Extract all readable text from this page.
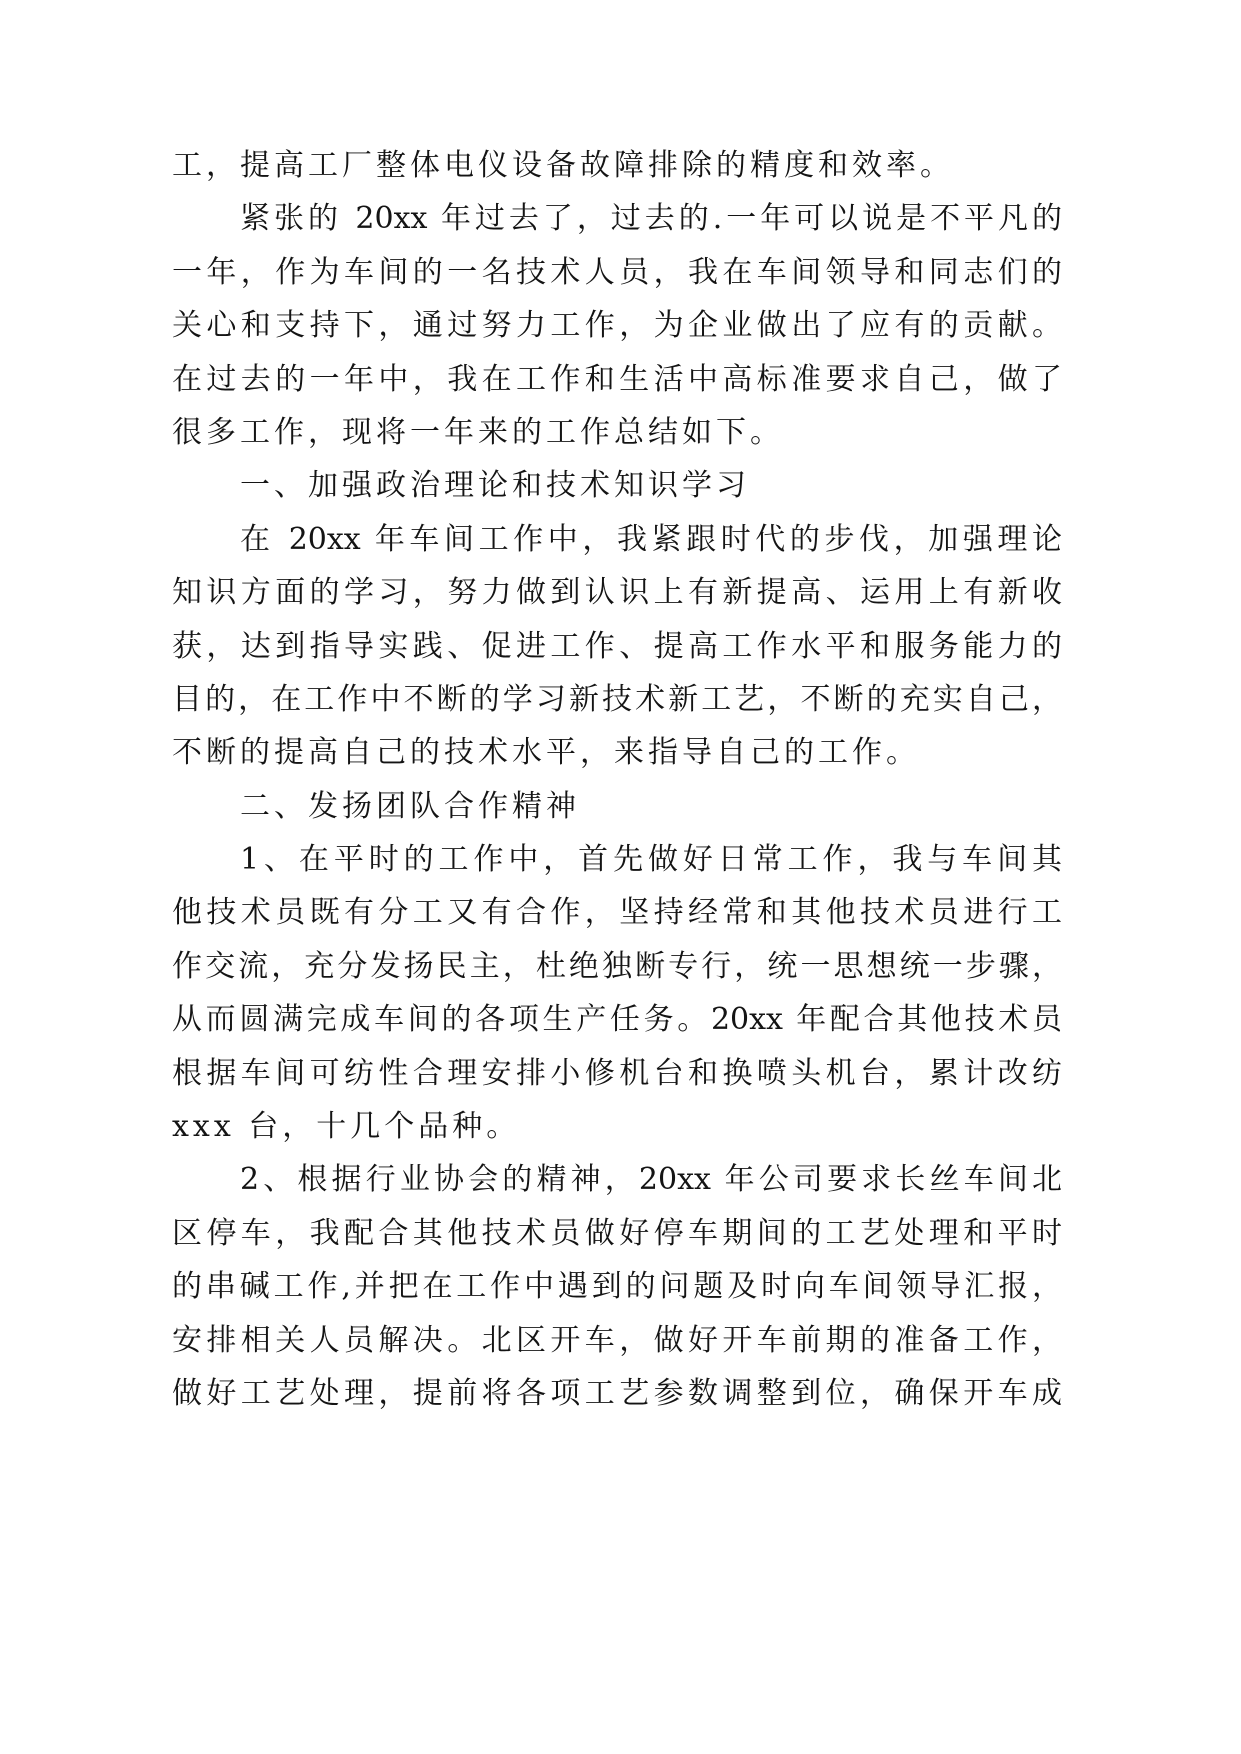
工，提高工厂整体电仪设备故障排除的精度和效率。
紧张的 20xx 年过去了，过去的.一年可以说是不平凡的
一年，作为车间的一名技术人员，我在车间领导和同志们的
关心和支持下，通过努力工作，为企业做出了应有的贡献。
在过去的一年中，我在工作和生活中高标准要求自己，做了
很多工作，现将一年来的工作总结如下。
一、加强政治理论和技术知识学习
在 20xx 年车间工作中，我紧跟时代的步伐，加强理论
知识方面的学习，努力做到认识上有新提高、运用上有新收
获，达到指导实践、促进工作、提高工作水平和服务能力的
目的，在工作中不断的学习新技术新工艺，不断的充实自己，
不断的提高自己的技术水平，来指导自己的工作。
二、发扬团队合作精神
1、在平时的工作中，首先做好日常工作，我与车间其
他技术员既有分工又有合作，坚持经常和其他技术员进行工
作交流，充分发扬民主，杜绝独断专行，统一思想统一步骤，
从而圆满完成车间的各项生产任务。20xx 年配合其他技术员
根据车间可纺性合理安排小修机台和换喷头机台，累计改纺
xxx 台，十几个品种。
2、根据行业协会的精神，20xx 年公司要求长丝车间北
区停车，我配合其他技术员做好停车期间的工艺处理和平时
的串碱工作,并把在工作中遇到的问题及时向车间领导汇报，
安排相关人员解决。北区开车，做好开车前期的准备工作，
做好工艺处理，提前将各项工艺参数调整到位，确保开车成
